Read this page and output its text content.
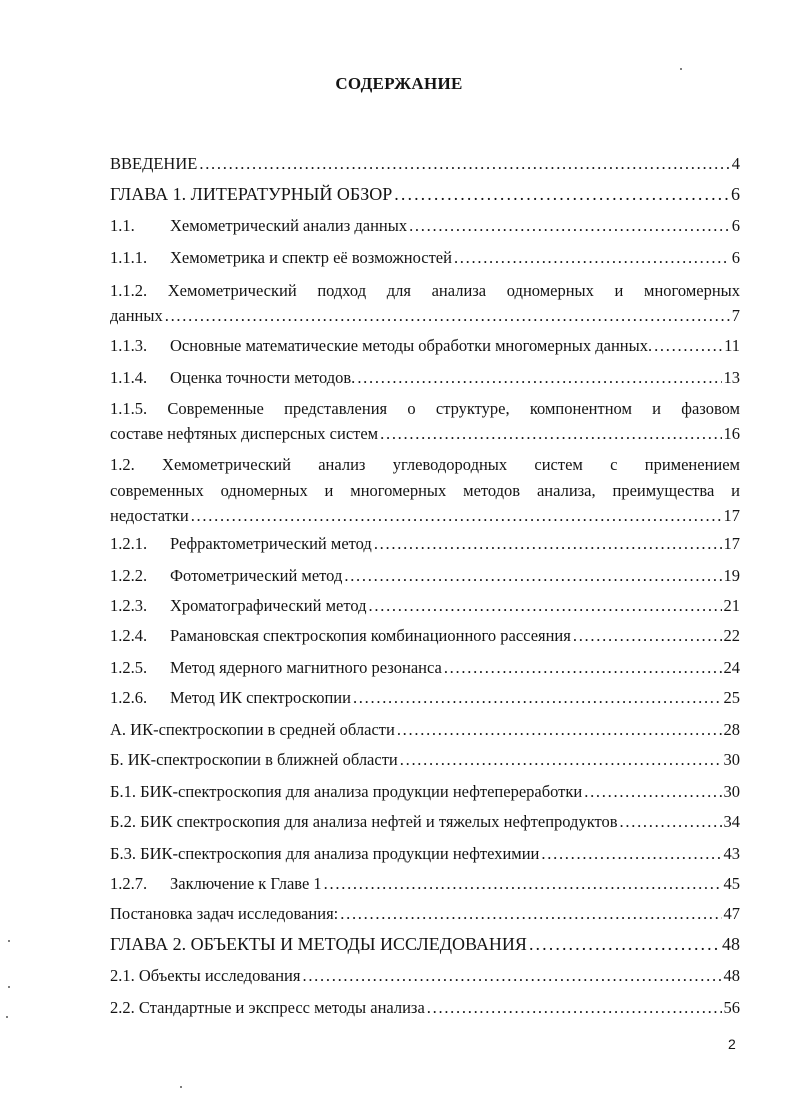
СОДЕРЖАНИЕ
ВВЕДЕНИЕ . . .	4
ГЛАВА 1. ЛИТЕРАТУРНЫЙ ОБЗОР . . .	6
1.1.	Хемометрический анализ данных . . .	6
1.1.1.	Хемометрика и спектр её возможностей . . .	6
1.1.2. Хемометрический подход для анализа одномерных и многомерных
данных . . .	7
1.1.3.	Основные математические методы обработки многомерных данных. . . .	11
1.1.4.	Оценка точности методов. . . .	13
1.1.5. Современные представления о структуре, компонентном и фазовом
составе нефтяных дисперсных систем . . .	16
1.2. Хемометрический анализ углеводородных систем с применением
современных одномерных и многомерных методов анализа, преимущества и
недостатки . . .	17
1.2.1.	Рефрактометрический метод . . .	17
1.2.2.	Фотометрический метод . . .	19
1.2.3.	Хроматографический метод . . .	21
1.2.4.	Рамановская спектроскопия комбинационного рассеяния . . .	22
1.2.5.	Метод ядерного магнитного резонанса . . .	24
1.2.6.	Метод ИК спектроскопии . . .	25
А. ИК-спектроскопии в средней области . . .	28
Б. ИК-спектроскопии в ближней области . . .	30
Б.1. БИК-спектроскопия для анализа продукции нефтепереработки . . .	30
Б.2. БИК спектроскопия для анализа нефтей и тяжелых нефтепродуктов . . .	34
Б.3. БИК-спектроскопия для анализа продукции нефтехимии . . .	43
1.2.7.	Заключение к Главе 1 . . .	45
Постановка задач исследования: . . .	47
ГЛАВА 2. ОБЪЕКТЫ И МЕТОДЫ ИССЛЕДОВАНИЯ . . .	48
2.1. Объекты исследования . . .	48
2.2. Стандартные и экспресс методы анализа . . .	56
2
